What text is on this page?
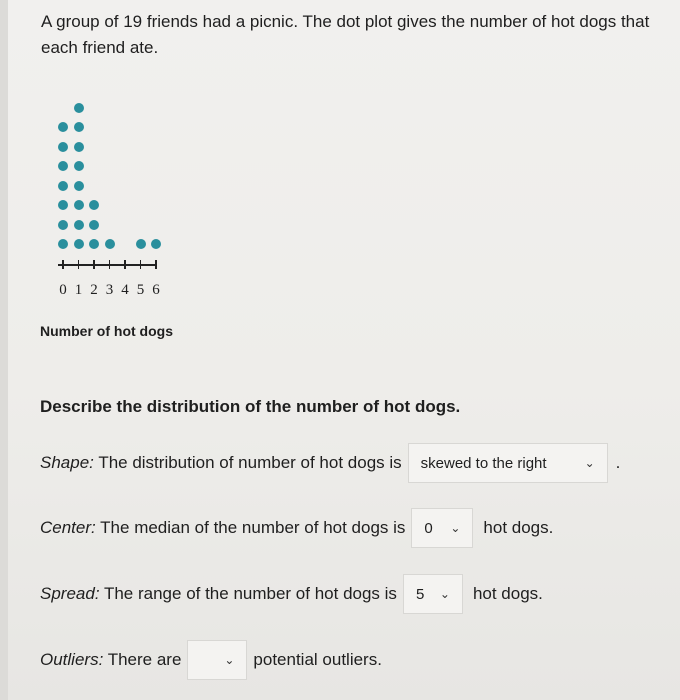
A group of 19 friends had a picnic. The dot plot gives the number of hot dogs that each friend ate.
0 1 2 3 4 5 6
Number of hot dogs
Describe the distribution of the number of hot dogs.
Shape: The distribution of number of hot dogs is skewed to the right	⌄ .
Center: The median of the number of hot dogs is 0 ⌄ hot dogs.
Spread: The range of the number of hot dogs is 5 ⌄ hot dogs.
Outliers: There are	⌄ potential outliers.
